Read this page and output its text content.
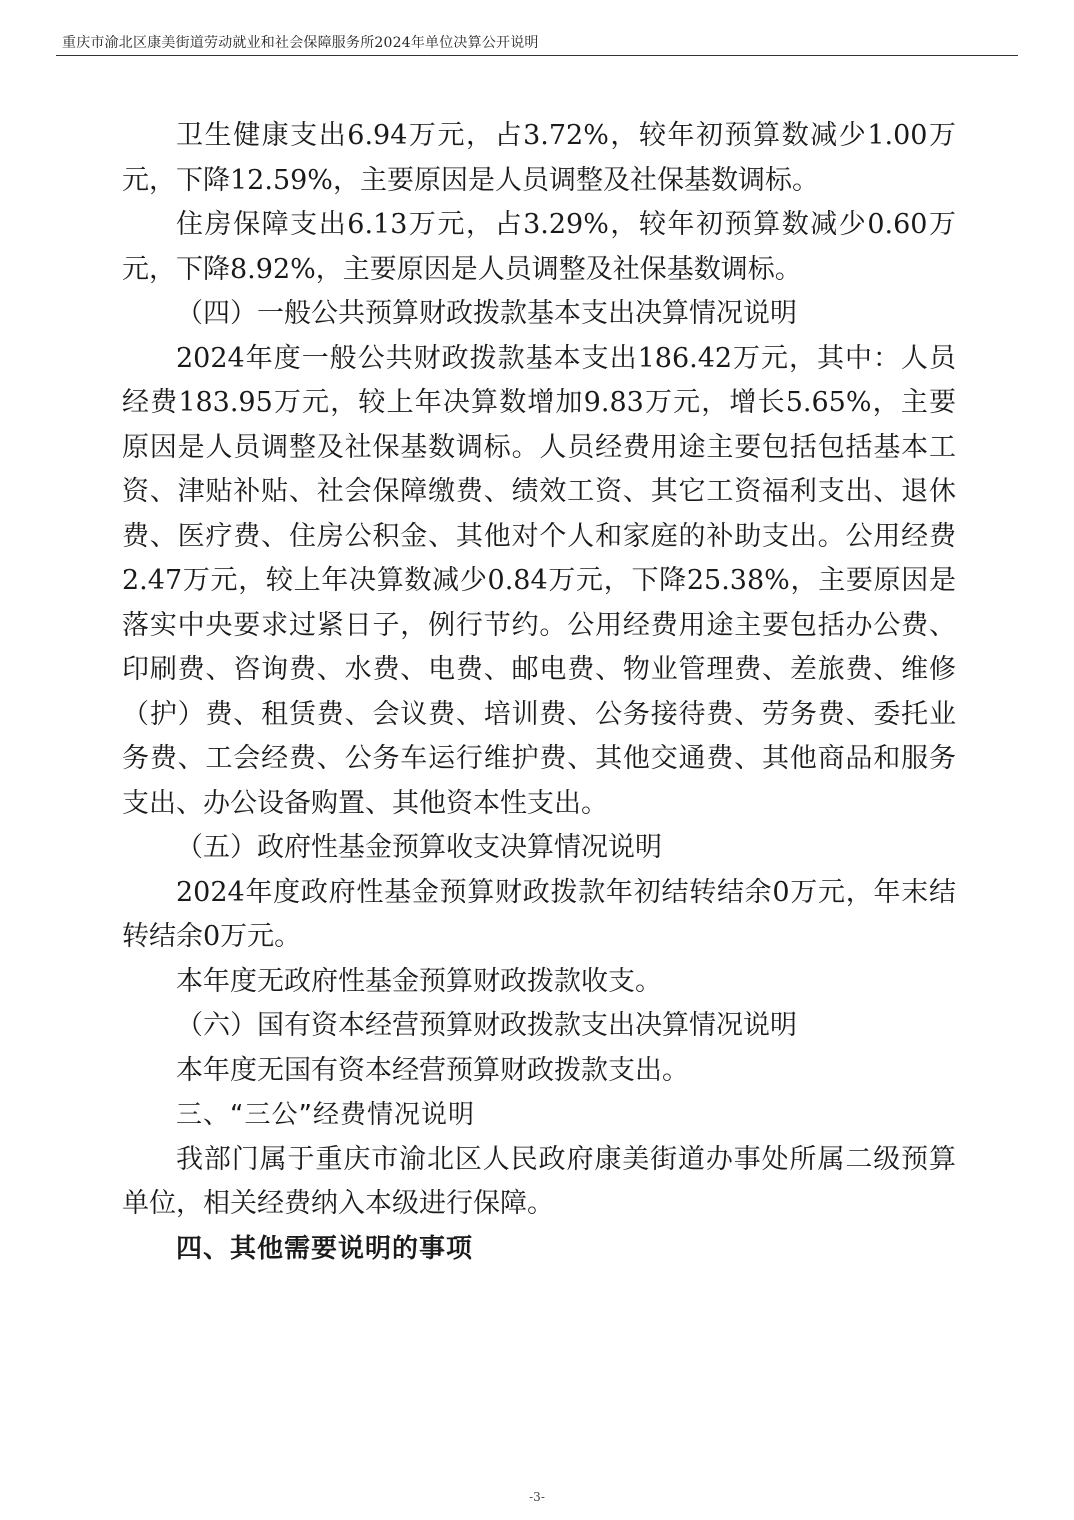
重庆市渝北区康美街道劳动就业和社会保障服务所2024年单位决算公开说明

卫生健康支出6.94万元，占3.72%，较年初预算数减少1.00万元，下降12.59%，主要原因是人员调整及社保基数调标。

住房保障支出6.13万元，占3.29%，较年初预算数减少0.60万元，下降8.92%，主要原因是人员调整及社保基数调标。

（四）一般公共预算财政拨款基本支出决算情况说明

2024年度一般公共财政拨款基本支出186.42万元，其中：人员经费183.95万元，较上年决算数增加9.83万元，增长5.65%，主要原因是人员调整及社保基数调标。人员经费用途主要包括包括基本工资、津贴补贴、社会保障缴费、绩效工资、其它工资福利支出、退休费、医疗费、住房公积金、其他对个人和家庭的补助支出。公用经费2.47万元，较上年决算数减少0.84万元，下降25.38%，主要原因是落实中央要求过紧日子，例行节约。公用经费用途主要包括办公费、印刷费、咨询费、水费、电费、邮电费、物业管理费、差旅费、维修（护）费、租赁费、会议费、培训费、公务接待费、劳务费、委托业务费、工会经费、公务车运行维护费、其他交通费、其他商品和服务支出、办公设备购置、其他资本性支出。

（五）政府性基金预算收支决算情况说明

2024年度政府性基金预算财政拨款年初结转结余0万元，年末结转结余0万元。

本年度无政府性基金预算财政拨款收支。

（六）国有资本经营预算财政拨款支出决算情况说明

本年度无国有资本经营预算财政拨款支出。

三、“三公”经费情况说明

我部门属于重庆市渝北区人民政府康美街道办事处所属二级预算单位，相关经费纳入本级进行保障。

四、其他需要说明的事项

-3-
